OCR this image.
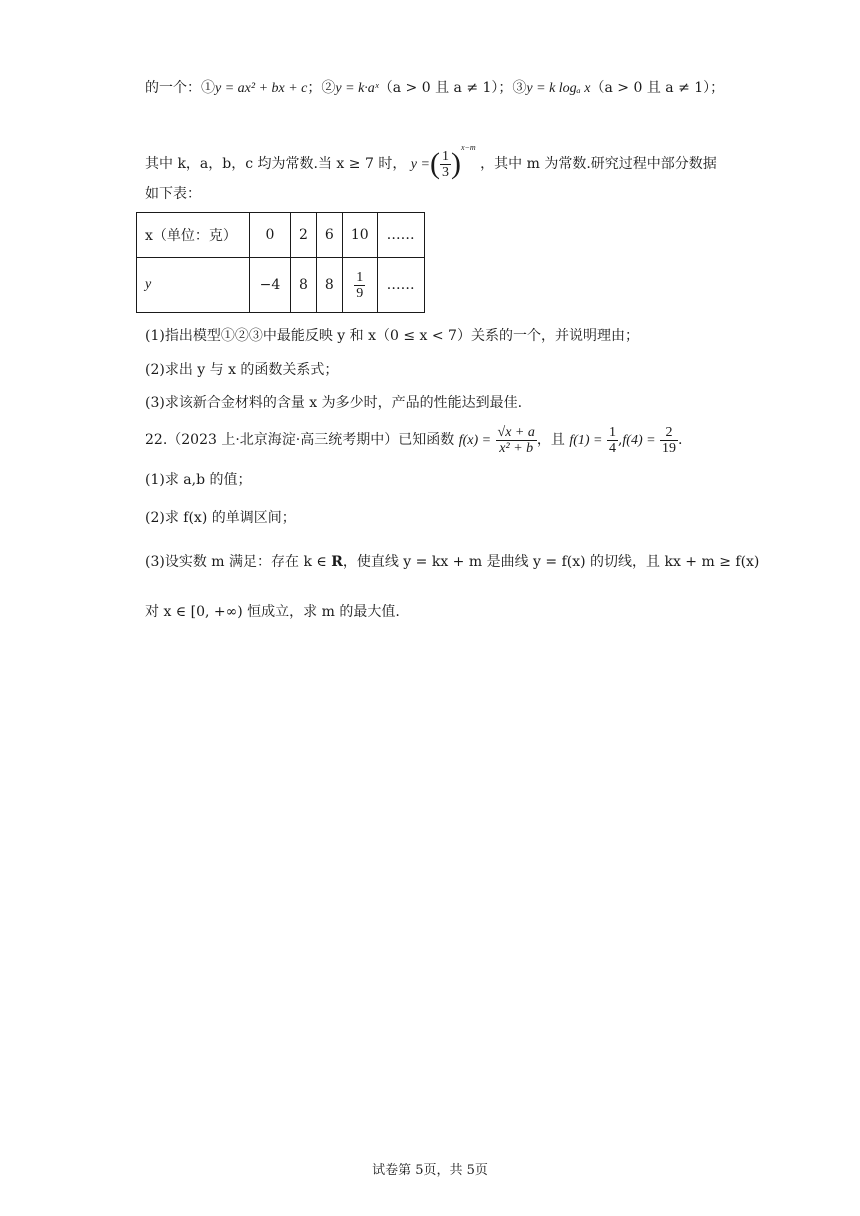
的一个：①y = ax² + bx + c；②y = k·aˣ（a > 0 且 a ≠ 1）；③y = k logₐ x（a > 0 且 a ≠ 1）；
其中 k，a，b，c 均为常数.当 x ≥ 7 时， y =( $\frac{1}{3} )^{x-m}$ ，其中 m 为常数.研究过程中部分数据
如下表：
x（单位：克）	0	2	6	10	……
y	−4	8	8	$\frac{1}{9}$	……
(1)指出模型①②③中最能反映 y 和 x（0 ≤ x < 7）关系的一个，并说明理由；
(2)求出 y 与 x 的函数关系式；
(3)求该新合金材料的含量 x 为多少时，产品的性能达到最佳.
22.（2023 上·北京海淀·高三统考期中）已知函数 $f(x) = \frac{√x + a}{\text{x² + b}}$ ，且 $f(1) = \frac{1}{4} ,f(4) = \frac{2}{19}$ .
(1)求 a,b 的值；
(2)求 f(x) 的单调区间；
(3)设实数 m 满足：存在 k ∈ R，使直线 y = kx + m 是曲线 y = f(x) 的切线，且 kx + m ≥ f(x)
对 x ∈ [0, +∞) 恒成立，求 m 的最大值.
试卷第 5页，共 5页
